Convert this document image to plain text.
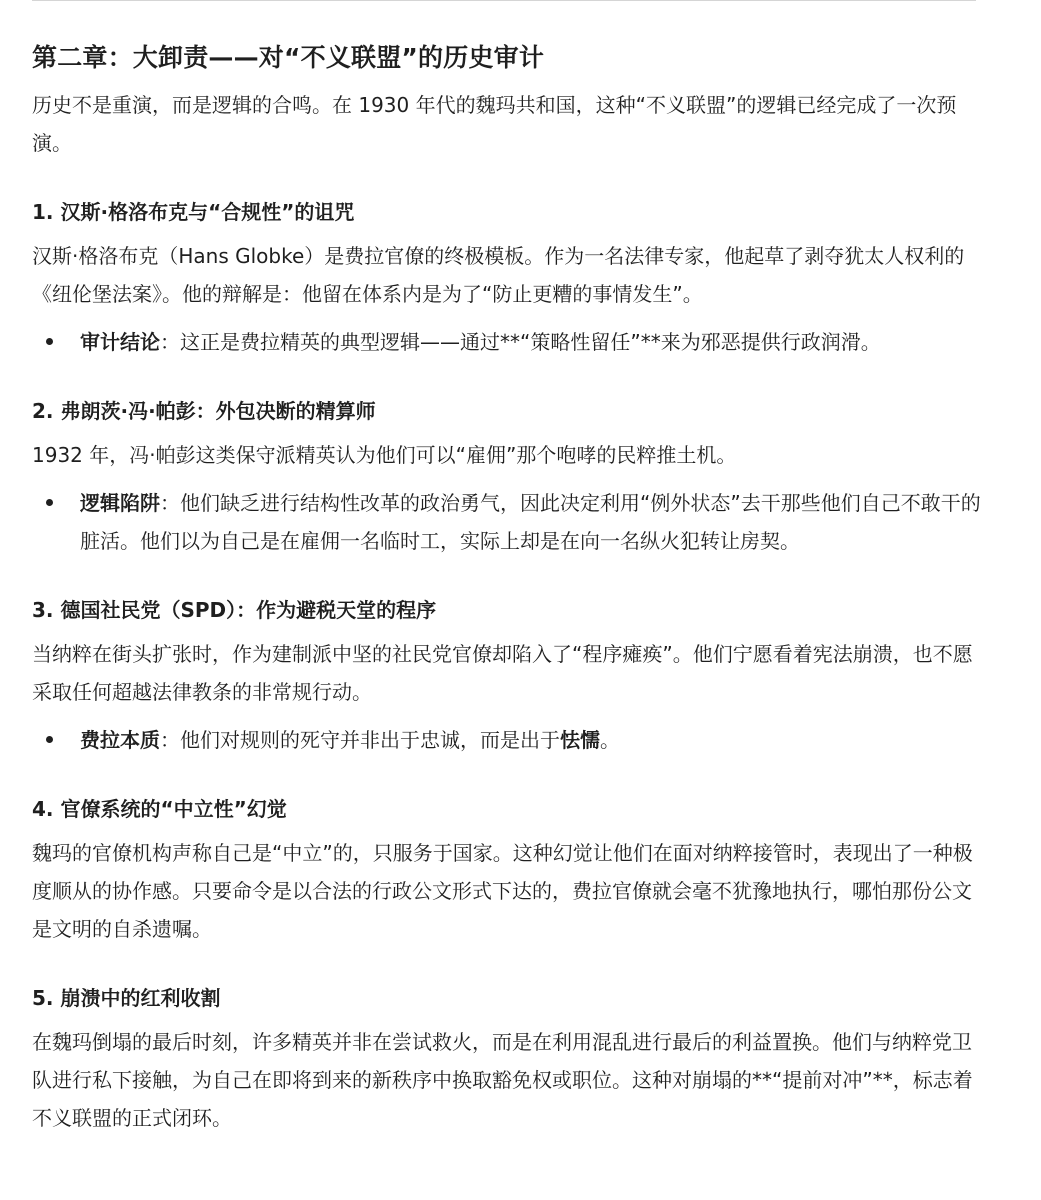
第二章：大卸责——对“不义联盟”的历史审计

历史不是重演，而是逻辑的合鸣。在 1930 年代的魏玛共和国，这种“不义联盟”的逻辑已经完成了一次预演。

1. 汉斯·格洛布克与“合规性”的诅咒

汉斯·格洛布克（Hans Globke）是费拉官僚的终极模板。作为一名法律专家，他起草了剥夺犹太人权利的《纽伦堡法案》。他的辩解是：他留在体系内是为了“防止更糟的事情发生”。

审计结论：这正是费拉精英的典型逻辑——通过**“策略性留任”**来为邪恶提供行政润滑。
2. 弗朗茨·冯·帕彭：外包决断的精算师

1932 年，冯·帕彭这类保守派精英认为他们可以“雇佣”那个咆哮的民粹推土机。

逻辑陷阱：他们缺乏进行结构性改革的政治勇气，因此决定利用“例外状态”去干那些他们自己不敢干的脏活。他们以为自己是在雇佣一名临时工，实际上却是在向一名纵火犯转让房契。
3. 德国社民党（SPD）：作为避税天堂的程序

当纳粹在街头扩张时，作为建制派中坚的社民党官僚却陷入了“程序瘫痪”。他们宁愿看着宪法崩溃，也不愿采取任何超越法律教条的非常规行动。

费拉本质：他们对规则的死守并非出于忠诚，而是出于怯懦。
4. 官僚系统的“中立性”幻觉

魏玛的官僚机构声称自己是“中立”的，只服务于国家。这种幻觉让他们在面对纳粹接管时，表现出了一种极度顺从的协作感。只要命令是以合法的行政公文形式下达的，费拉官僚就会毫不犹豫地执行，哪怕那份公文是文明的自杀遗嘱。

5. 崩溃中的红利收割

在魏玛倒塌的最后时刻，许多精英并非在尝试救火，而是在利用混乱进行最后的利益置换。他们与纳粹党卫队进行私下接触，为自己在即将到来的新秩序中换取豁免权或职位。这种对崩塌的**“提前对冲”**，标志着不义联盟的正式闭环。
